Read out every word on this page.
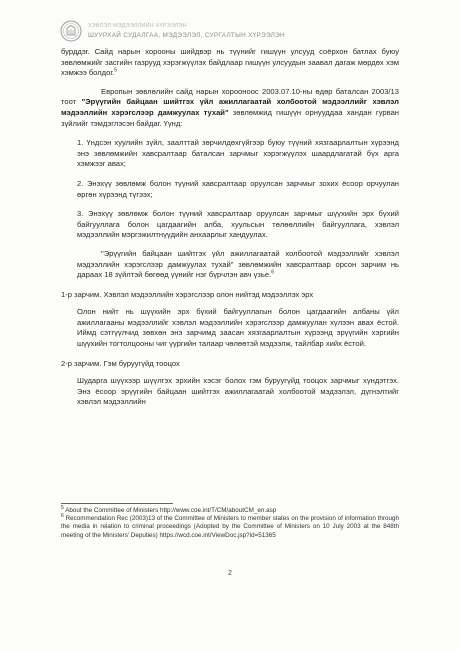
ХЭВЛЭЛ МЭДЭЭЛЛИЙН ХҮРЭЭЛЭН
ШУУРХАЙ СУДАЛГАА, МЭДЭЭЛЭЛ, СУРГАЛТЫН ХҮРЭЭЛЭН

бурддэг. Сайд нарын хорооны шийдвэр нь түүнийг гишүүн улсууд соёрхон батлах буюу зөвлөмжийг засгийн газрууд хэрэгжүүлэх байдлаар гишүүн улсуудын заавал дагаж мөрдөх хэм хэмжээ болдог.$^5$

Европын зөвлөлийн сайд нарын хорооноос 2003.07.10-ны өдөр баталсан 2003/13 тоот "Эрүүгийн байцаан шийтгэх үйл ажиллагаатай холбоотой мэдээллийг хэвлэл мэдээллийн хэрэгслээр дамжуулах тухай" зөвлөмжид гишүүн орнууддаа хандан гурван зүйлийг тэмдэглэсэн байдаг. Үүнд:

1. Үндсэн хуулийн зүйл, заалттай зөрчилдөхгүйгээр буюу түүний хязгаарлалтын хүрээнд энэ зөвлөмжийн хавсралтаар баталсан зарчмыг хэрэгжүүлэх шаардлагатай бүх арга хэмжээг авах;

2. Энэхүү зөвлөмж болон түүний хавсралтаар оруулсан зарчмыг зохих ёсоор орчуулан өргөн хүрээнд түгээх;

3. Энэхүү зөвлөмж болон түүний хавсралтаар оруулсан зарчмыг шүүхийн эрх бүхий байгууллага болон цагдаагийн алба, хуульсын төлөөллийн байгууллага, хэвлэл мэдээллийн мэргэжилтнүүдийн анхаарлыг хандуулах.

"Эрүүгийн байцаан шийтгэх үйл ажиллагаатай холбоотой мэдээллийг хэвлэл мэдээллийн хэрэгслээр дамжуулах тухай" зөвлөмжийн хавсралтаар орсон зарчим нь дараах 18 зүйлтэй бөгөөд үүнийг нэг бүрчлэн авч үзье.$^6$

1-р зарчим. Хэвлэл мэдээллийн хэрэгслээр олон нийтэд мэдээллэх эрх

Олон нийт нь шүүхийн эрх бүхий байгууллагын болон цагдаагийн албаны үйл ажиллагааны мэдээллийг хэвлэл мэдээллийн хэрэгслээр дамжуулан хүлээн авах ёстой. Иймд сэтгүүлчид зөвхөн энэ зарчимд заасан хязгаарлалтын хүрээнд эрүүгийн хэргийн шүүхийн тогтолцооны чиг үүргийн талаар чөлөөтэй мэдээлж, тайлбар хийх ёстой.

2-р зарчим. Гэм буруугүйд тооцох

Шударга шүүхээр шүүлгэх эрхийн хэсэг болох гэм буруугүйд тооцох зарчмыг хүндэтгэх. Энэ ёсоор эрүүгийн байцаан шийтгэх ажиллагаатай холбоотой мэдээлэл, дүгнэлтийг хэвлэл мэдээллийн

$^5$ About the Committee of Ministers http://www.coe.int/T/CM/aboutCM_en.asp

$^6$ Recommendation Rec (2003)13 of the Committee of Ministers to member states on the provision of information through the media in relation to criminal proceedings (Adopted by the Committee of Ministers on 10 July 2003 at the 848th meeting of the Ministers' Deputies) https://wcd.coe.int/ViewDoc.jsp?id=51365

2
